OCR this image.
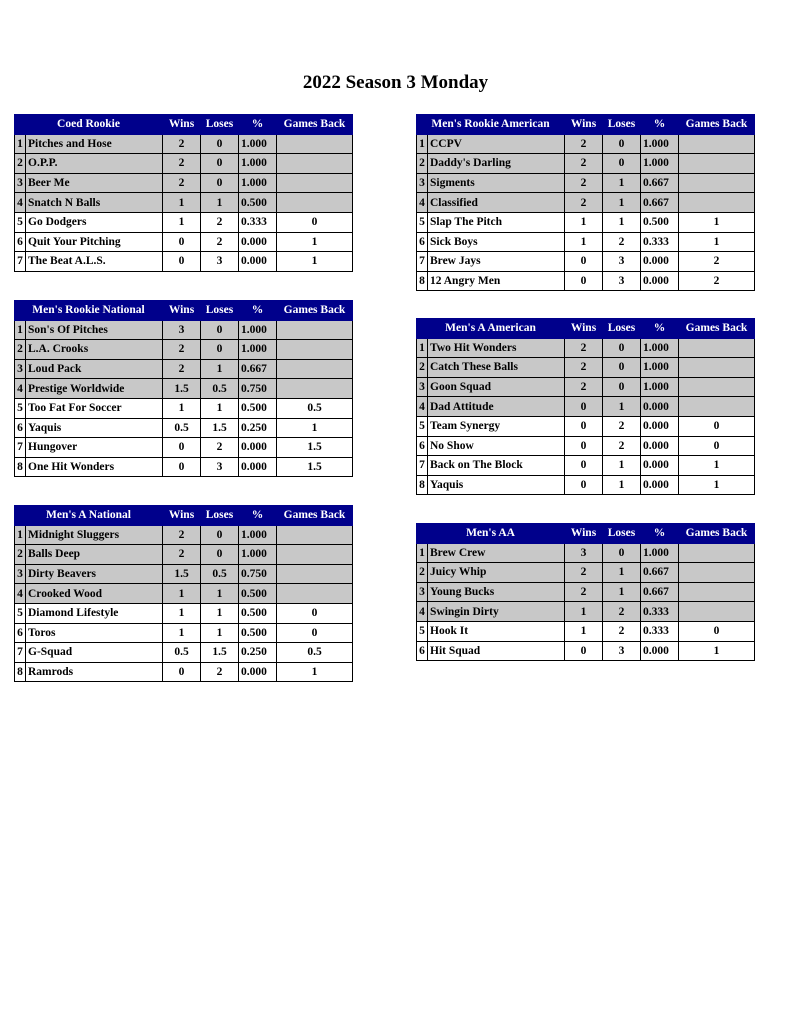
2022 Season 3 Monday
Coed Rookie		Wins	Loses	%	Games Back
1	Pitches and Hose	2	0	1.000	
2	O.P.P.	2	0	1.000	
3	Beer Me	2	0	1.000	
4	Snatch N Balls	1	1	0.500	
5	Go Dodgers	1	2	0.333	0
6	Quit Your Pitching	0	2	0.000	1
7	The Beat A.L.S.	0	3	0.000	1
Men's Rookie American		Wins	Loses	%	Games Back
1	CCPV	2	0	1.000	
2	Daddy's Darling	2	0	1.000	
3	Sigments	2	1	0.667	
4	Classified	2	1	0.667	
5	Slap The Pitch	1	1	0.500	1
6	Sick Boys	1	2	0.333	1
7	Brew Jays	0	3	0.000	2
8	12 Angry Men	0	3	0.000	2
Men's Rookie National		Wins	Loses	%	Games Back
1	Son's Of Pitches	3	0	1.000	
2	L.A. Crooks	2	0	1.000	
3	Loud Pack	2	1	0.667	
4	Prestige Worldwide	1.5	0.5	0.750	
5	Too Fat For Soccer	1	1	0.500	0.5
6	Yaquis	0.5	1.5	0.250	1
7	Hungover	0	2	0.000	1.5
8	One Hit Wonders	0	3	0.000	1.5
Men's A American		Wins	Loses	%	Games Back
1	Two Hit Wonders	2	0	1.000	
2	Catch These Balls	2	0	1.000	
3	Goon Squad	2	0	1.000	
4	Dad Attitude	0	1	0.000	
5	Team Synergy	0	2	0.000	0
6	No Show	0	2	0.000	0
7	Back on The Block	0	1	0.000	1
8	Yaquis	0	1	0.000	1
Men's A National		Wins	Loses	%	Games Back
1	Midnight Sluggers	2	0	1.000	
2	Balls Deep	2	0	1.000	
3	Dirty Beavers	1.5	0.5	0.750	
4	Crooked Wood	1	1	0.500	
5	Diamond Lifestyle	1	1	0.500	0
6	Toros	1	1	0.500	0
7	G-Squad	0.5	1.5	0.250	0.5
8	Ramrods	0	2	0.000	1
Men's AA		Wins	Loses	%	Games Back
1	Brew Crew	3	0	1.000	
2	Juicy Whip	2	1	0.667	
3	Young Bucks	2	1	0.667	
4	Swingin Dirty	1	2	0.333	
5	Hook It	1	2	0.333	0
6	Hit Squad	0	3	0.000	1
